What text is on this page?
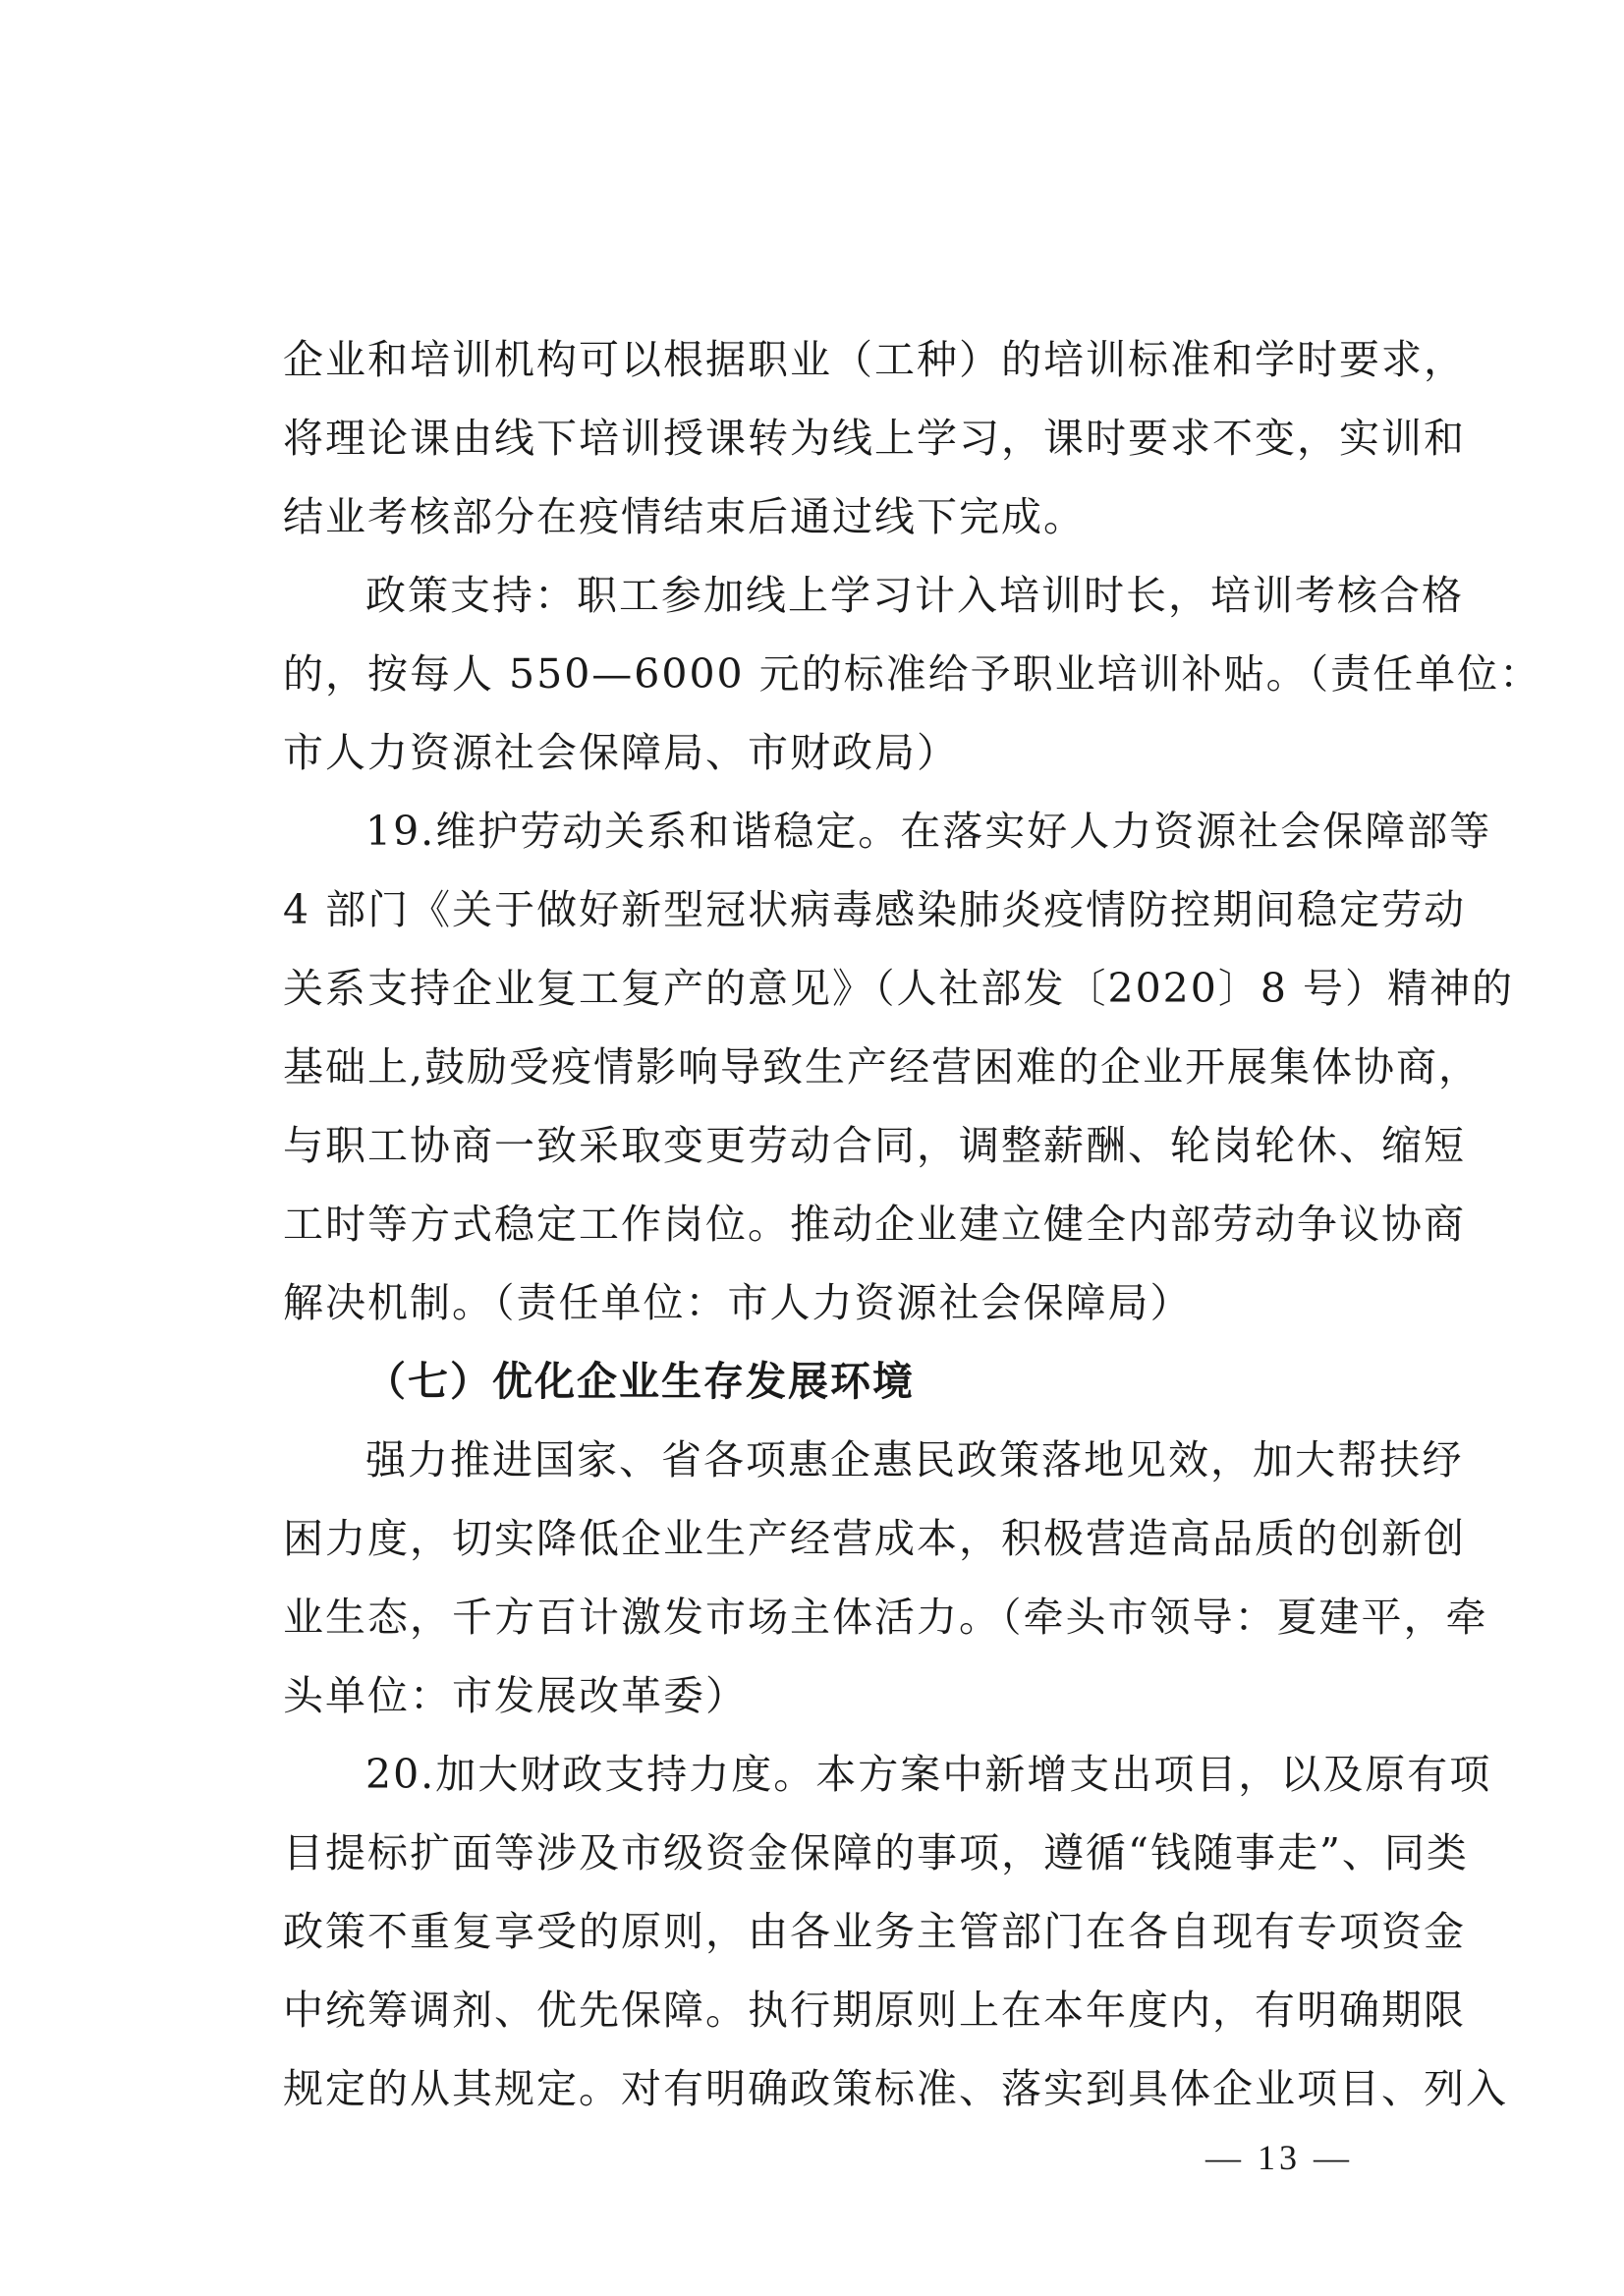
企业和培训机构可以根据职业（工种）的培训标准和学时要求，
将理论课由线下培训授课转为线上学习，课时要求不变，实训和
结业考核部分在疫情结束后通过线下完成。
政策支持：职工参加线上学习计入培训时长，培训考核合格
的，按每人 550—6000 元的标准给予职业培训补贴。（责任单位：
市人力资源社会保障局、市财政局）
19.维护劳动关系和谐稳定。在落实好人力资源社会保障部等
4 部门《关于做好新型冠状病毒感染肺炎疫情防控期间稳定劳动
关系支持企业复工复产的意见》（人社部发〔2020〕8 号）精神的
基础上,鼓励受疫情影响导致生产经营困难的企业开展集体协商，
与职工协商一致采取变更劳动合同，调整薪酬、轮岗轮休、缩短
工时等方式稳定工作岗位。推动企业建立健全内部劳动争议协商
解决机制。（责任单位：市人力资源社会保障局）
（七）优化企业生存发展环境
强力推进国家、省各项惠企惠民政策落地见效，加大帮扶纾
困力度，切实降低企业生产经营成本，积极营造高品质的创新创
业生态，千方百计激发市场主体活力。（牵头市领导：夏建平，牵
头单位：市发展改革委）
20.加大财政支持力度。本方案中新增支出项目，以及原有项
目提标扩面等涉及市级资金保障的事项，遵循“钱随事走”、同类
政策不重复享受的原则，由各业务主管部门在各自现有专项资金
中统筹调剂、优先保障。执行期原则上在本年度内，有明确期限
规定的从其规定。对有明确政策标准、落实到具体企业项目、列入
— 13 —
